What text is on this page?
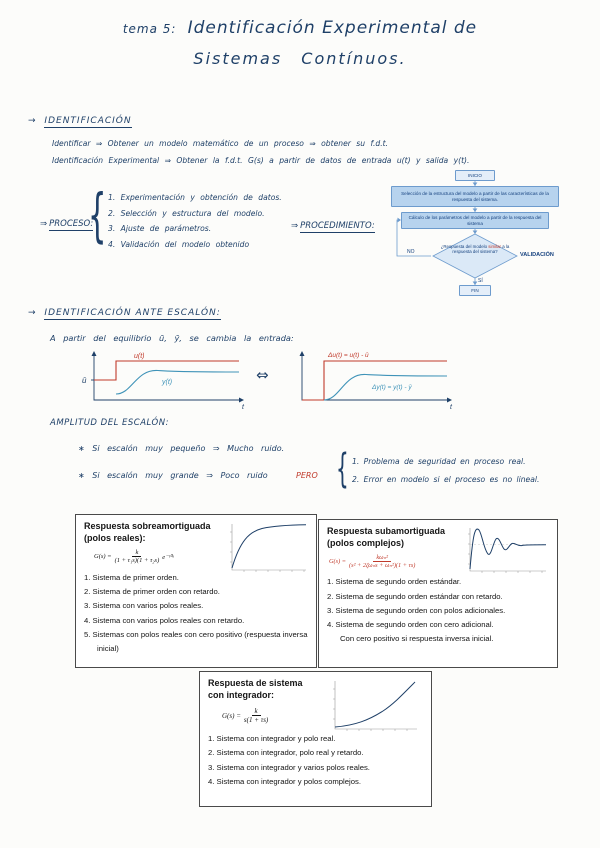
tema 5: Identificación Experimental de
Sistemas Contínuos.
→ IDENTIFICACIÓN
Identificar ⇒ Obtener un modelo matemático de un proceso ⇒ obtener su f.d.t.
Identificación Experimental ⇒ Obtener la f.d.t. G(s) a partir de datos de entrada u(t) y salida y(t).
⇒ PROCESO:
{ 1. Experimentación y obtención de datos.
2. Selección y estructura del modelo.
3. Ajuste de parámetros.
4. Validación del modelo obtenido
⇒ PROCEDIMIENTO:
INICIO
Selección de la estructura del modelo a partir de las características de la respuesta del sistema.
Cálculo de los parámetros del modelo a partir de la respuesta del sistema
¿Respuesta del modelo similar a la respuesta del sistema?
VALIDACIÓN
NO
SÍ
FIN
→ IDENTIFICACIÓN ANTE ESCALÓN:
A partir del equilibrio ū, ȳ, se cambia la entrada:
ū
u(t)
y(t)
t
⇔
Δu(t) = u(t) - ū
Δy(t) = y(t) - ȳ
t
AMPLITUD DEL ESCALÓN:
∗ Si escalón muy pequeño ⇒ Mucho ruido.
∗ Si escalón muy grande ⇒ Poco ruido	PERO { 1. Problema de seguridad en proceso real.
2. Error en modelo si el proceso es no lineal.
Respuesta sobreamortiguada
(polos reales):
$G(s) = \frac{k}{\text{(1 + τ₁s)(1 + τ₂s)}}$ e⁻ᵗ⁰ˢ
1. Sistema de primer orden.
2. Sistema de primer orden con retardo.
3. Sistema con varios polos reales.
4. Sistema con varios polos reales con retardo.
5. Sistemas con polos reales con cero positivo (respuesta inversa inicial)
Respuesta subamortiguada
(polos complejos)
$G(s) = \frac{\text{kωₙ²}}{\text{(s² + 2ζωₙs + ωₙ²)(1 + τs)}}$
1. Sistema de segundo orden estándar.
2. Sistema de segundo orden estándar con retardo.
3. Sistema de segundo orden con polos adicionales.
4. Sistema de segundo orden con cero adicional.
Con cero positivo si respuesta inversa inicial.
Respuesta de sistema
con integrador:
$G(s) = \frac{k}{s(1 + \tau s)}$
1. Sistema con integrador y polo real.
2. Sistema con integrador, polo real y retardo.
3. Sistema con integrador y varios polos reales.
4. Sistema con integrador y polos complejos.
